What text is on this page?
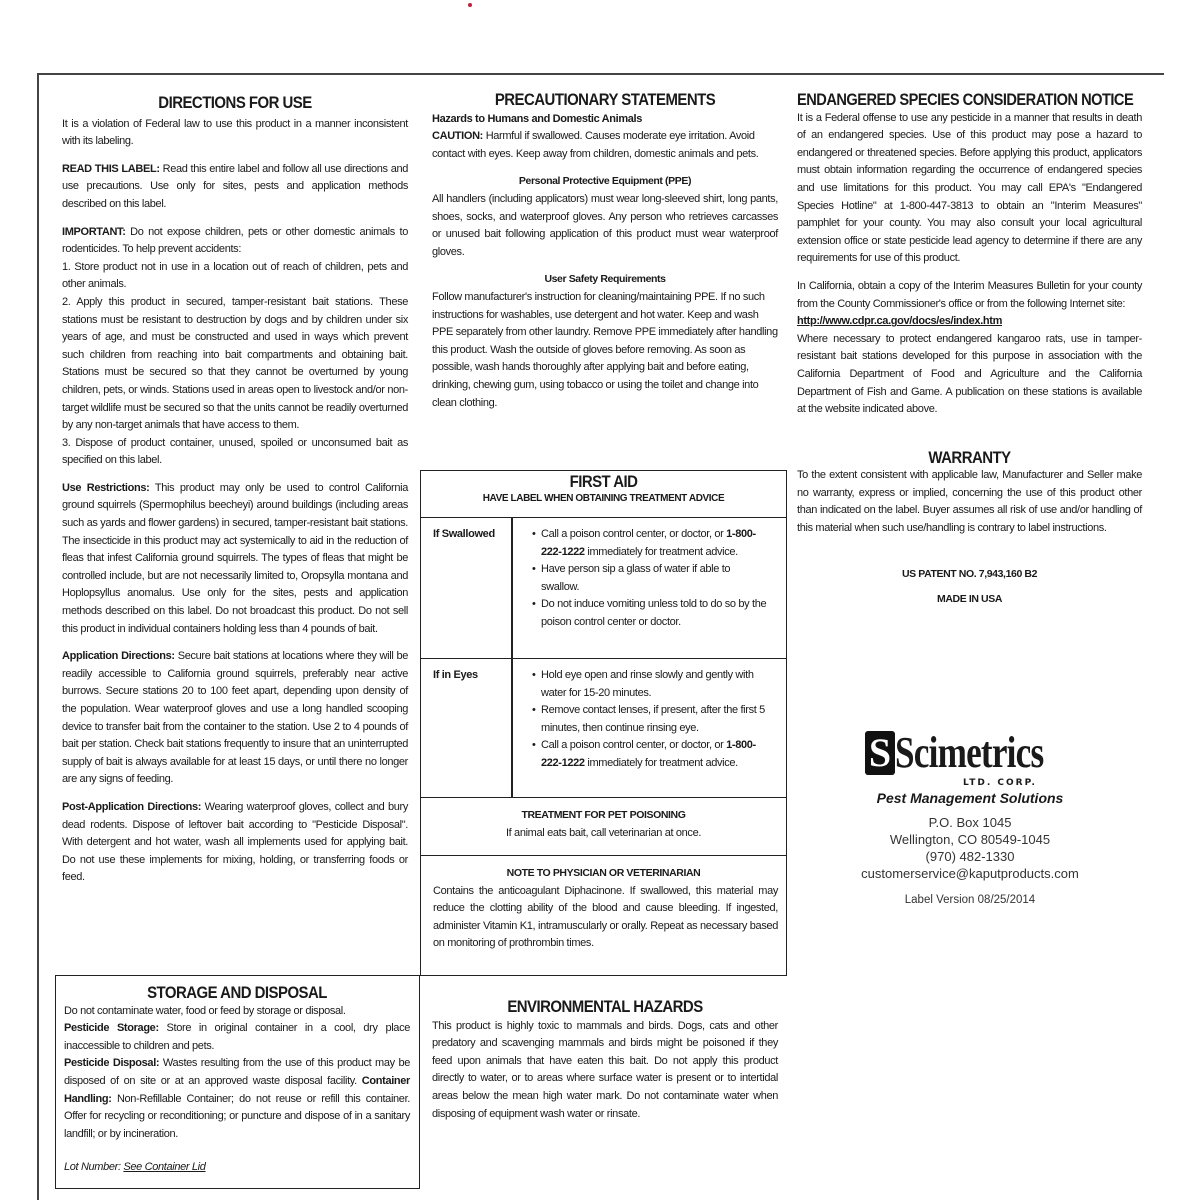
DIRECTIONS FOR USE

It is a violation of Federal law to use this product in a manner inconsistent with its labeling.

READ THIS LABEL: Read this entire label and follow all use directions and use precautions. Use only for sites, pests and application methods described on this label.

IMPORTANT: Do not expose children, pets or other domestic animals to rodenticides. To help prevent accidents:

1. Store product not in use in a location out of reach of children, pets and other animals.

2. Apply this product in secured, tamper-resistant bait stations. These stations must be resistant to destruction by dogs and by children under six years of age, and must be constructed and used in ways which prevent such children from reaching into bait compartments and obtaining bait. Stations must be secured so that they cannot be overturned by young children, pets, or winds. Stations used in areas open to livestock and/or non-target wildlife must be secured so that the units cannot be readily overturned by any non-target animals that have access to them.

3. Dispose of product container, unused, spoiled or unconsumed bait as specified on this label.

Use Restrictions: This product may only be used to control California ground squirrels (Spermophilus beecheyi) around buildings (including areas such as yards and flower gardens) in secured, tamper-resistant bait stations. The insecticide in this product may act systemically to aid in the reduction of fleas that infest California ground squirrels. The types of fleas that might be controlled include, but are not necessarily limited to, Oropsylla montana and Hoplopsyllus anomalus. Use only for the sites, pests and application methods described on this label. Do not broadcast this product. Do not sell this product in individual containers holding less than 4 pounds of bait.

Application Directions: Secure bait stations at locations where they will be readily accessible to California ground squirrels, preferably near active burrows. Secure stations 20 to 100 feet apart, depending upon density of the population. Wear waterproof gloves and use a long handled scooping device to transfer bait from the container to the station. Use 2 to 4 pounds of bait per station. Check bait stations frequently to insure that an uninterrupted supply of bait is always available for at least 15 days, or until there no longer are any signs of feeding.

Post-Application Directions: Wearing waterproof gloves, collect and bury dead rodents. Dispose of leftover bait according to "Pesticide Disposal". With detergent and hot water, wash all implements used for applying bait. Do not use these implements for mixing, holding, or transferring foods or feed.

STORAGE AND DISPOSAL

Do not contaminate water, food or feed by storage or disposal.

Pesticide Storage: Store in original container in a cool, dry place inaccessible to children and pets.

Pesticide Disposal: Wastes resulting from the use of this product may be disposed of on site or at an approved waste disposal facility. Container Handling: Non-Refillable Container; do not reuse or refill this container. Offer for recycling or reconditioning; or puncture and dispose of in a sanitary landfill; or by incineration.

Lot Number: See Container Lid

PRECAUTIONARY STATEMENTS

Hazards to Humans and Domestic Animals

CAUTION: Harmful if swallowed. Causes moderate eye irritation. Avoid contact with eyes. Keep away from children, domestic animals and pets.

Personal Protective Equipment (PPE)

All handlers (including applicators) must wear long-sleeved shirt, long pants, shoes, socks, and waterproof gloves. Any person who retrieves carcasses or unused bait following application of this product must wear waterproof gloves.

User Safety Requirements

Follow manufacturer's instruction for cleaning/maintaining PPE. If no such instructions for washables, use detergent and hot water. Keep and wash PPE separately from other laundry. Remove PPE immediately after handling this product. Wash the outside of gloves before removing. As soon as possible, wash hands thoroughly after applying bait and before eating, drinking, chewing gum, using tobacco or using the toilet and change into clean clothing.

FIRST AID
HAVE LABEL WHEN OBTAINING TREATMENT ADVICE
If Swallowed	• Call a poison control center, or doctor, or 1-800-222-1222 immediately for treatment advice.
• Have person sip a glass of water if able to swallow.
• Do not induce vomiting unless told to do so by the poison control center or doctor.
If in Eyes	• Hold eye open and rinse slowly and gently with water for 15-20 minutes.
• Remove contact lenses, if present, after the first 5 minutes, then continue rinsing eye.
• Call a poison control center, or doctor, or 1-800-222-1222 immediately for treatment advice.
TREATMENT FOR PET POISONING
If animal eats bait, call veterinarian at once.
NOTE TO PHYSICIAN OR VETERINARIAN

Contains the anticoagulant Diphacinone. If swallowed, this material may reduce the clotting ability of the blood and cause bleeding. If ingested, administer Vitamin K1, intramuscularly or orally. Repeat as necessary based on monitoring of prothrombin times.

ENVIRONMENTAL HAZARDS

This product is highly toxic to mammals and birds. Dogs, cats and other predatory and scavenging mammals and birds might be poisoned if they feed upon animals that have eaten this bait. Do not apply this product directly to water, or to areas where surface water is present or to intertidal areas below the mean high water mark. Do not contaminate water when disposing of equipment wash water or rinsate.

ENDANGERED SPECIES CONSIDERATION NOTICE

It is a Federal offense to use any pesticide in a manner that results in death of an endangered species. Use of this product may pose a hazard to endangered or threatened species. Before applying this product, applicators must obtain information regarding the occurrence of endangered species and use limitations for this product. You may call EPA's "Endangered Species Hotline" at 1-800-447-3813 to obtain an "Interim Measures" pamphlet for your county. You may also consult your local agricultural extension office or state pesticide lead agency to determine if there are any requirements for use of this product.

In California, obtain a copy of the Interim Measures Bulletin for your county from the County Commissioner's office or from the following Internet site:

http://www.cdpr.ca.gov/docs/es/index.htm

Where necessary to protect endangered kangaroo rats, use in tamper-resistant bait stations developed for this purpose in association with the California Department of Food and Agriculture and the California Department of Fish and Game. A publication on these stations is available at the website indicated above.

WARRANTY

To the extent consistent with applicable law, Manufacturer and Seller make no warranty, express or implied, concerning the use of this product other than indicated on the label. Buyer assumes all risk of use and/or handling of this material when such use/handling is contrary to label instructions.

US PATENT NO. 7,943,160 B2
MADE IN USA
S Scimetrics
LTD. CORP.
Pest Management Solutions
P.O. Box 1045
Wellington, CO 80549-1045
(970) 482-1330
customerservice@kaputproducts.com
Label Version 08/25/2014
